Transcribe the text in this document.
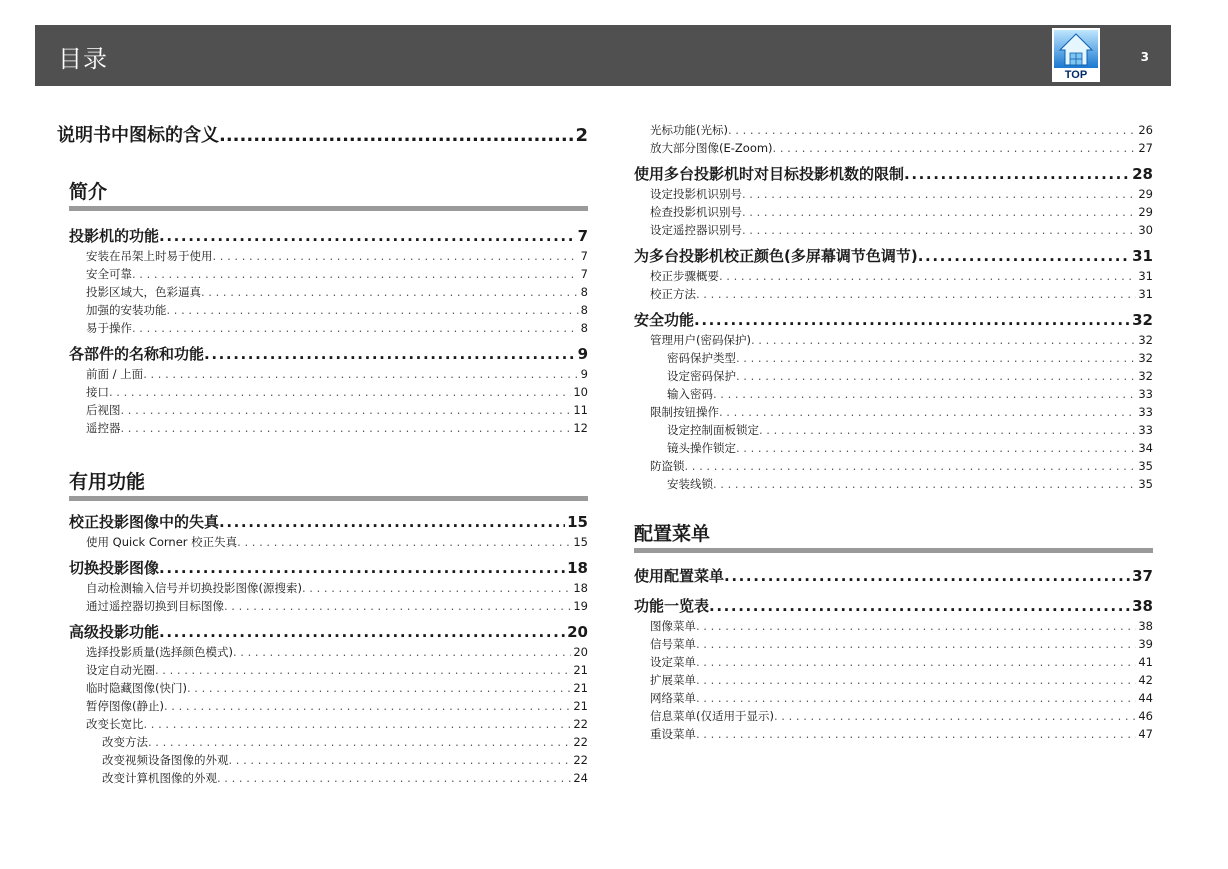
目录
TOP
3
说明书中图标的含义 .....	2
简介
投影机的功能 .....	7
安装在吊架上时易于使用 . . .	7
安全可靠 . . .	7
投影区域大，色彩逼真 . . .	8
加强的安装功能 . . .	8
易于操作 . . .	8
各部件的名称和功能 .....	9
前面 / 上面 . . .	9
接口 . . .	10
后视图 . . .	11
遥控器 . . .	12
有用功能
校正投影图像中的失真 .....	15
使用 Quick Corner 校正失真 . . .	15
切换投影图像 .....	18
自动检测输入信号并切换投影图像(源搜索) . . .	18
通过遥控器切换到目标图像 . . .	19
高级投影功能 .....	20
选择投影质量(选择颜色模式) . . .	20
设定自动光圈 . . .	21
临时隐藏图像(快门) . . .	21
暂停图像(静止) . . .	21
改变长宽比 . . .	22
改变方法 . . .	22
改变视频设备图像的外观 . . .	22
改变计算机图像的外观 . . .	24
光标功能(光标) . . .	26
放大部分图像(E-Zoom) . . .	27
使用多台投影机时对目标投影机数的限制 .....	28
设定投影机识别号 . . .	29
检查投影机识别号 . . .	29
设定遥控器识别号 . . .	30
为多台投影机校正颜色(多屏幕调节色调节) .....	31
校正步骤概要 . . .	31
校正方法 . . .	31
安全功能 .....	32
管理用户(密码保护) . . .	32
密码保护类型 . . .	32
设定密码保护 . . .	32
输入密码 . . .	33
限制按钮操作 . . .	33
设定控制面板锁定 . . .	33
镜头操作锁定 . . .	34
防盗锁 . . .	35
安装线锁 . . .	35
配置菜单
使用配置菜单 .....	37
功能一览表 .....	38
图像菜单 . . .	38
信号菜单 . . .	39
设定菜单 . . .	41
扩展菜单 . . .	42
网络菜单 . . .	44
信息菜单(仅适用于显示) . . .	46
重设菜单 . . .	47
